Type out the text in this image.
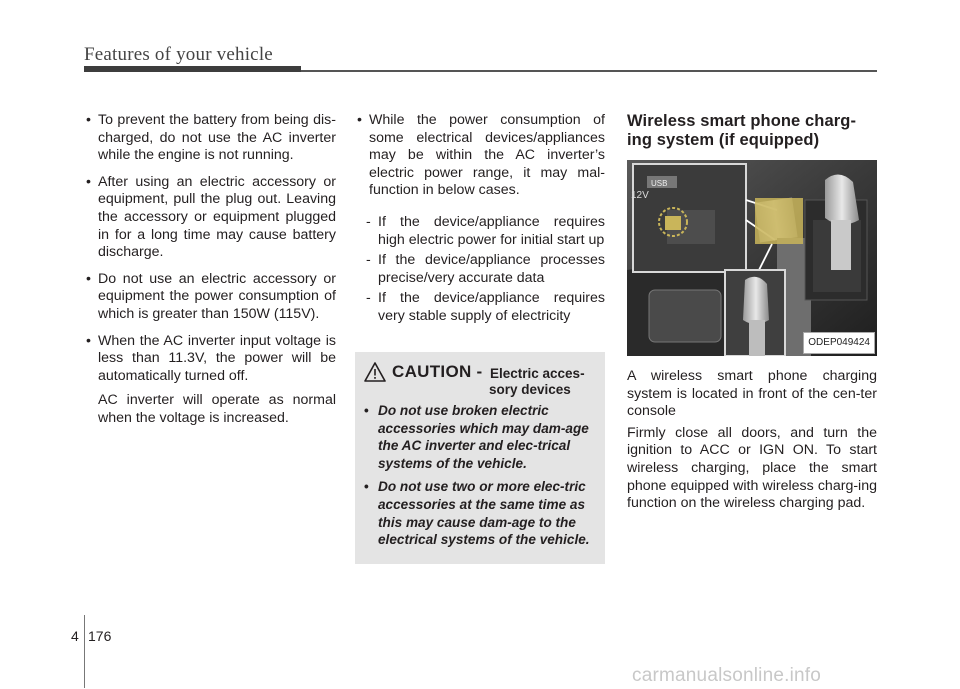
Features of your vehicle
• To prevent the battery from being dis-charged, do not use the AC inverter while the engine is not running.
• After using an electric accessory or equipment, pull the plug out. Leaving the accessory or equipment plugged in for a long time may cause battery discharge.
• Do not use an electric accessory or equipment the power consumption of which is greater than 150W (115V).
• When the AC inverter input voltage is less than 11.3V, the power will be automatically turned off.

AC inverter will operate as normal when the voltage is increased.

• While the power consumption of some electrical devices/appliances may be within the AC inverter’s electric power range, it may mal-function in below cases.

- If the device/appliance requires high electric power for initial start up
- If the device/appliance processes precise/very accurate data
- If the device/appliance requires very stable supply of electricity
CAUTION - Electric acces-
sory devices
• Do not use broken electric accessories which may dam-age the AC inverter and elec-trical systems of the vehicle.
• Do not use two or more elec-tric accessories at the same time as this may cause dam-age to the electrical systems of the vehicle.
Wireless smart phone charg-ing system (if equipped)
USB
12V
ODEP049424

A wireless smart phone charging system is located in front of the cen-ter console

Firmly close all doors, and turn the ignition to ACC or IGN ON. To start wireless charging, place the smart phone equipped with wireless charg-ing function on the wireless charging pad.

4 176
carmanualsonline.info
